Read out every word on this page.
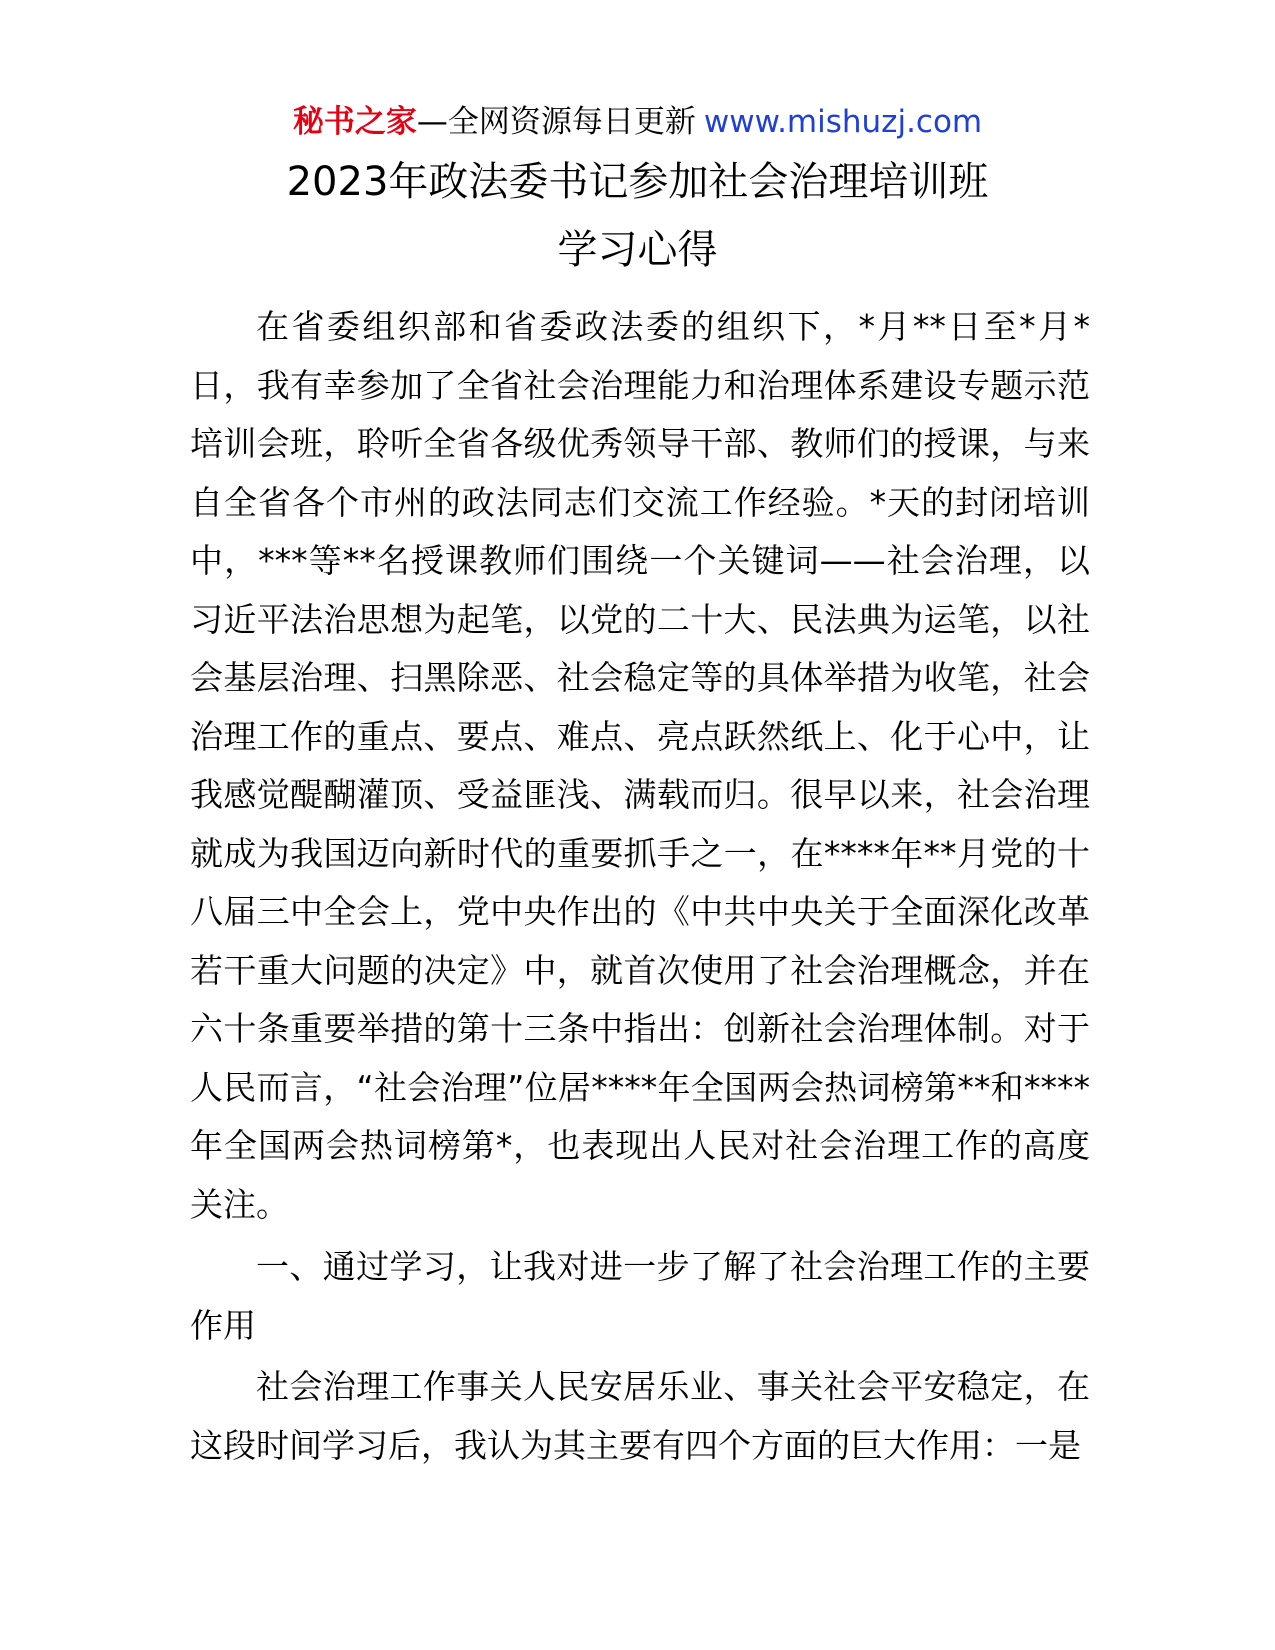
秘书之家—全网资源每日更新 www.mishuzj.com
2023年政法委书记参加社会治理培训班
学习心得

在省委组织部和省委政法委的组织下，*月**日至*月*日，我有幸参加了全省社会治理能力和治理体系建设专题示范培训会班，聆听全省各级优秀领导干部、教师们的授课，与来自全省各个市州的政法同志们交流工作经验。*天的封闭培训中，***等**名授课教师们围绕一个关键词——社会治理，以习近平法治思想为起笔，以党的二十大、民法典为运笔，以社会基层治理、扫黑除恶、社会稳定等的具体举措为收笔，社会治理工作的重点、要点、难点、亮点跃然纸上、化于心中，让我感觉醍醐灌顶、受益匪浅、满载而归。很早以来，社会治理就成为我国迈向新时代的重要抓手之一，在****年**月党的十八届三中全会上，党中央作出的《中共中央关于全面深化改革若干重大问题的决定》中，就首次使用了社会治理概念，并在六十条重要举措的第十三条中指出：创新社会治理体制。对于人民而言，“社会治理”位居****年全国两会热词榜第**和****年全国两会热词榜第*，也表现出人民对社会治理工作的高度关注。

一、通过学习，让我对进一步了解了社会治理工作的主要作用

社会治理工作事关人民安居乐业、事关社会平安稳定，在这段时间学习后，我认为其主要有四个方面的巨大作用：一是
